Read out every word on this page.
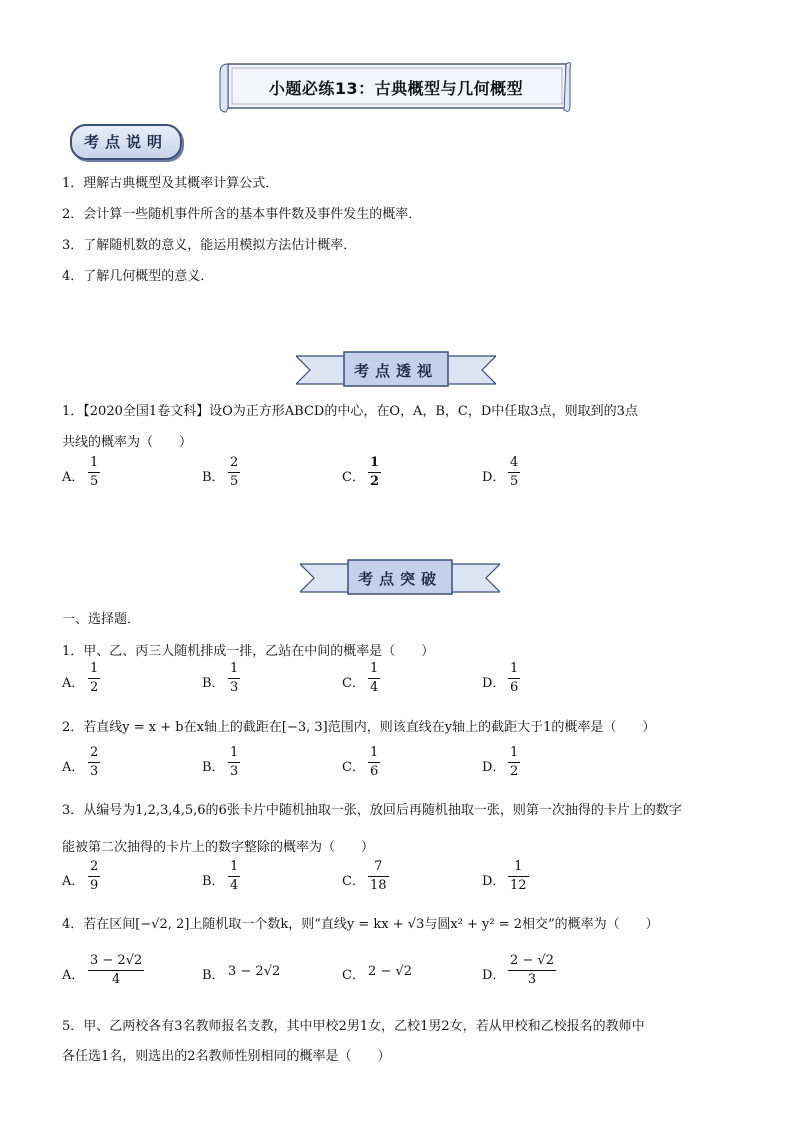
小题必练13：古典概型与几何概型
考点说明
1．理解古典概型及其概率计算公式．
2．会计算一些随机事件所含的基本事件数及事件发生的概率．
3．了解随机数的意义，能运用模拟方法估计概率．
4．了解几何概型的意义．
考点透视
1．【2020全国1卷文科】设O为正方形ABCD的中心，在O，A，B，C，D中任取3点，则取到的3点
共线的概率为（　　）
A． $\frac{1}{5}$	B． $\frac{2}{5}$	C． $\frac{1}{2}$	D． $\frac{4}{5}$
考点突破
一、选择题．
1．甲、乙、丙三人随机排成一排，乙站在中间的概率是（　　）
A． $\frac{1}{2}$	B． $\frac{1}{3}$	C． $\frac{1}{4}$	D． $\frac{1}{6}$
2．若直线y = x + b在x轴上的截距在[−3, 3]范围内，则该直线在y轴上的截距大于1的概率是（　　）
A． $\frac{2}{3}$	B． $\frac{1}{3}$	C． $\frac{1}{6}$	D． $\frac{1}{2}$
3．从编号为1,2,3,4,5,6的6张卡片中随机抽取一张，放回后再随机抽取一张，则第一次抽得的卡片上的数字
能被第二次抽得的卡片上的数字整除的概率为（　　）
A． $\frac{2}{9}$	B． $\frac{1}{4}$	C． $\frac{7}{18}$	D． $\frac{1}{12}$
4．若在区间[−√2, 2]上随机取一个数k，则“直线y = kx + √3与圆x² + y² = 2相交”的概率为（　　）
A． $\frac{3 - 2√2}{4}$	B． 3 − 2√2	C． 2 − √2	D． $\frac{2 - √2}{3}$
5．甲、乙两校各有3名教师报名支教，其中甲校2男1女，乙校1男2女，若从甲校和乙校报名的教师中
各任选1名，则选出的2名教师性别相同的概率是（　　）
